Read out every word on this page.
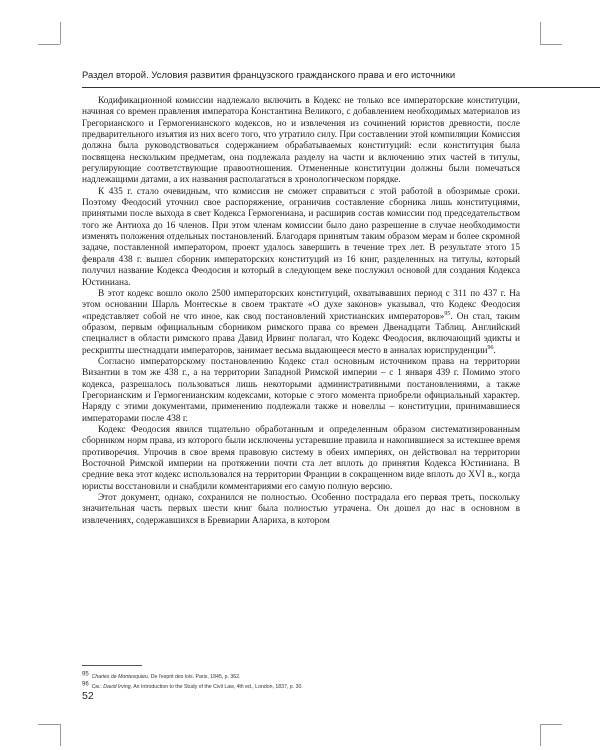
Раздел второй. Условия развития французского гражданского права и его источники

Кодификационной комиссии надлежало включить в Кодекс не только все императорские конституции, начиная со времен правления императора Константина Великого, с добавлением необходимых материалов из Грегорианского и Гермогенианского кодексов, но и извлечения из сочинений юристов древности, после предварительного изъятия из них всего того, что утратило силу. При составлении этой компиляции Комиссия должна была руководствоваться содержанием обрабатываемых конституций: если конституция была посвящена нескольким предметам, она подлежала разделу на части и включению этих частей в титулы, регулирующие соответствующие правоотношения. Отмененные конституции должны были помечаться надлежащими датами, а их названия располагаться в хронологическом порядке.

К 435 г. стало очевидным, что комиссия не сможет справиться с этой работой в обозримые сроки. Поэтому Феодосий уточнил свое распоряжение, ограничив составление сборника лишь конституциями, принятыми после выхода в свет Кодекса Гермогениана, и расширив состав комиссии под председательством того же Антиоха до 16 членов. При этом членам комиссии было дано разрешение в случае необходимости изменять положения отдельных постановлений. Благодаря принятым таким образом мерам и более скромной задаче, поставленной императором, проект удалось завершить в течение трех лет. В результате этого 15 февраля 438 г. вышел сборник императорских конституций из 16 книг, разделенных на титулы, который получил название Кодекса Феодосия и который в следующем веке послужил основой для создания Кодекса Юстиниана.

В этот кодекс вошло около 2500 императорских конституций, охватывавших период с 311 по 437 г. На этом основании Шарль Монтескье в своем трактате «О духе законов» указывал, что Кодекс Феодосия «представляет собой не что иное, как свод постановлений христианских императоров»$^{95}$. Он стал, таким образом, первым официальным сборником римского права со времен Двенадцати Таблиц. Английский специалист в области римского права Давид Ирвинг полагал, что Кодекс Феодосия, включающий эдикты и рескрипты шестнадцати императоров, занимает весьма выдающееся место в анналах юриспруденции$^{96}$.

Согласно императорскому постановлению Кодекс стал основным источником права на территории Византии в том же 438 г., а на территории Западной Римской империи – с 1 января 439 г. Помимо этого кодекса, разрешалось пользоваться лишь некоторыми административными постановлениями, а также Грегорианским и Гермогенианским кодексами, которые с этого момента приобрели официальный характер. Наряду с этими документами, применению подлежали также и новеллы – конституции, принимавшиеся императорами после 438 г.

Кодекс Феодосия явился тщательно обработанным и определенным образом систематизированным сборником норм права, из которого были исключены устаревшие правила и накопившиеся за истекшее время противоречия. Упрочив в свое время правовую систему в обеих империях, он действовал на территории Восточной Римской империи на протяжении почти ста лет вплоть до принятия Кодекса Юстиниана. В средние века этот кодекс использовался на территории Франции в сокращенном виде вплоть до XVI в., когда юристы восстановили и снабдили комментариями его самую полную версию.

Этот документ, однако, сохранился не полностью. Особенно пострадала его первая треть, поскольку значительная часть первых шести книг была полностью утрачена. Он дошел до нас в основном в извлечениях, содержавшихся в Бревиарии Алариха, в котором

$^{95}$ Charles de Montesquieu, De l'esprit des lois. Paris, 1845, p. 362.

$^{96}$ См.: David Irving, An Introduction to the Study of the Civil Law, 4th ed., London, 1837, p. 30.

52
